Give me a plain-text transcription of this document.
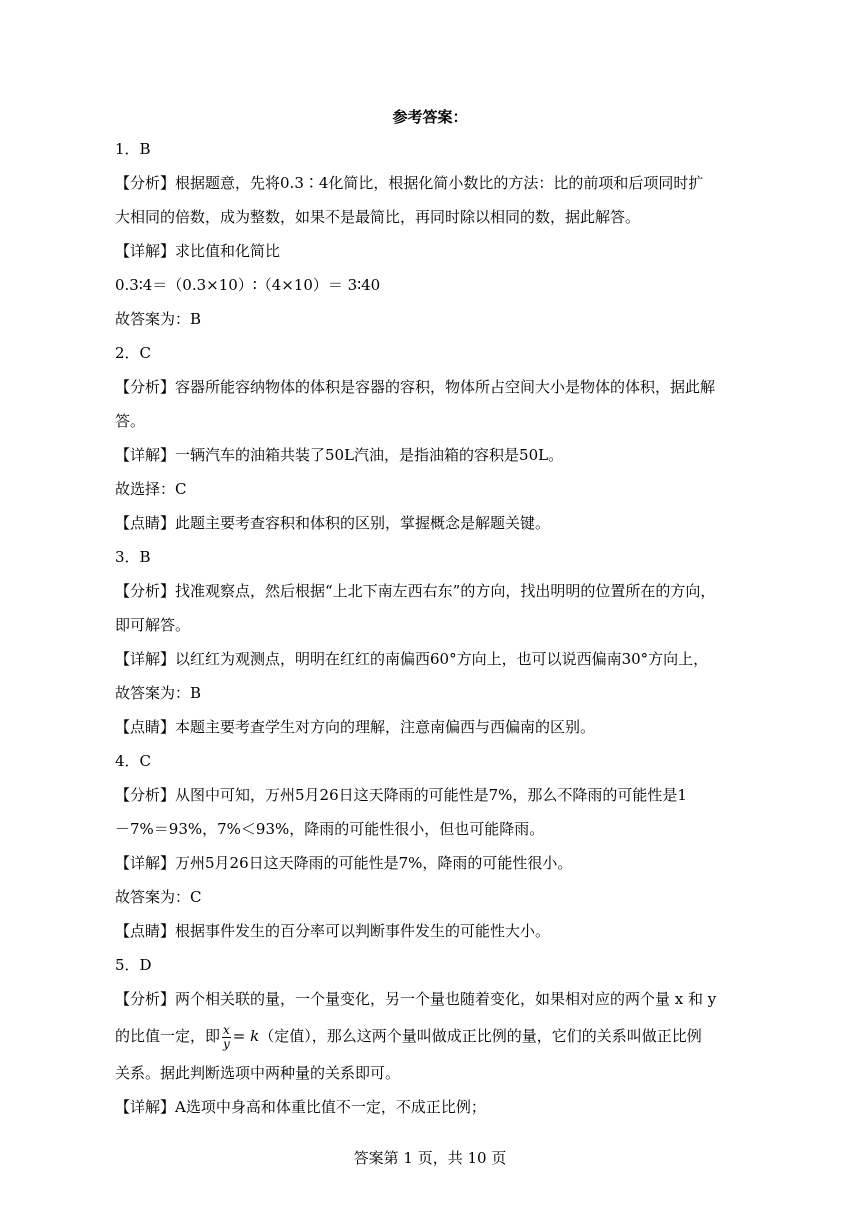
参考答案：
1．B
【分析】根据题意，先将0.3∶4化简比，根据化简小数比的方法：比的前项和后项同时扩
大相同的倍数，成为整数，如果不是最简比，再同时除以相同的数，据此解答。
【详解】求比值和化简比
0.3∶4＝（0.3×10）∶（4×10）＝ 3∶40
故答案为：B
2．C
【分析】容器所能容纳物体的体积是容器的容积，物体所占空间大小是物体的体积，据此解
答。
【详解】一辆汽车的油箱共装了50L汽油，是指油箱的容积是50L。
故选择：C
【点睛】此题主要考查容积和体积的区别，掌握概念是解题关键。
3．B
【分析】找准观察点，然后根据“上北下南左西右东”的方向，找出明明的位置所在的方向，
即可解答。
【详解】以红红为观测点，明明在红红的南偏西60°方向上，也可以说西偏南30°方向上，
故答案为：B
【点睛】本题主要考查学生对方向的理解，注意南偏西与西偏南的区别。
4．C
【分析】从图中可知，万州5月26日这天降雨的可能性是7%，那么不降雨的可能性是1
－7%＝93%，7%＜93%，降雨的可能性很小，但也可能降雨。
【详解】万州5月26日这天降雨的可能性是7%，降雨的可能性很小。
故答案为：C
【点睛】根据事件发生的百分率可以判断事件发生的可能性大小。
5．D
【分析】两个相关联的量，一个量变化，另一个量也随着变化，如果相对应的两个量 x 和 y
的比值一定，即 $\frac{x}{y} = k$（定值），那么这两个量叫做成正比例的量，它们的关系叫做正比例
关系。据此判断选项中两种量的关系即可。
【详解】A选项中身高和体重比值不一定，不成正比例；
答案第 1 页，共 10 页
